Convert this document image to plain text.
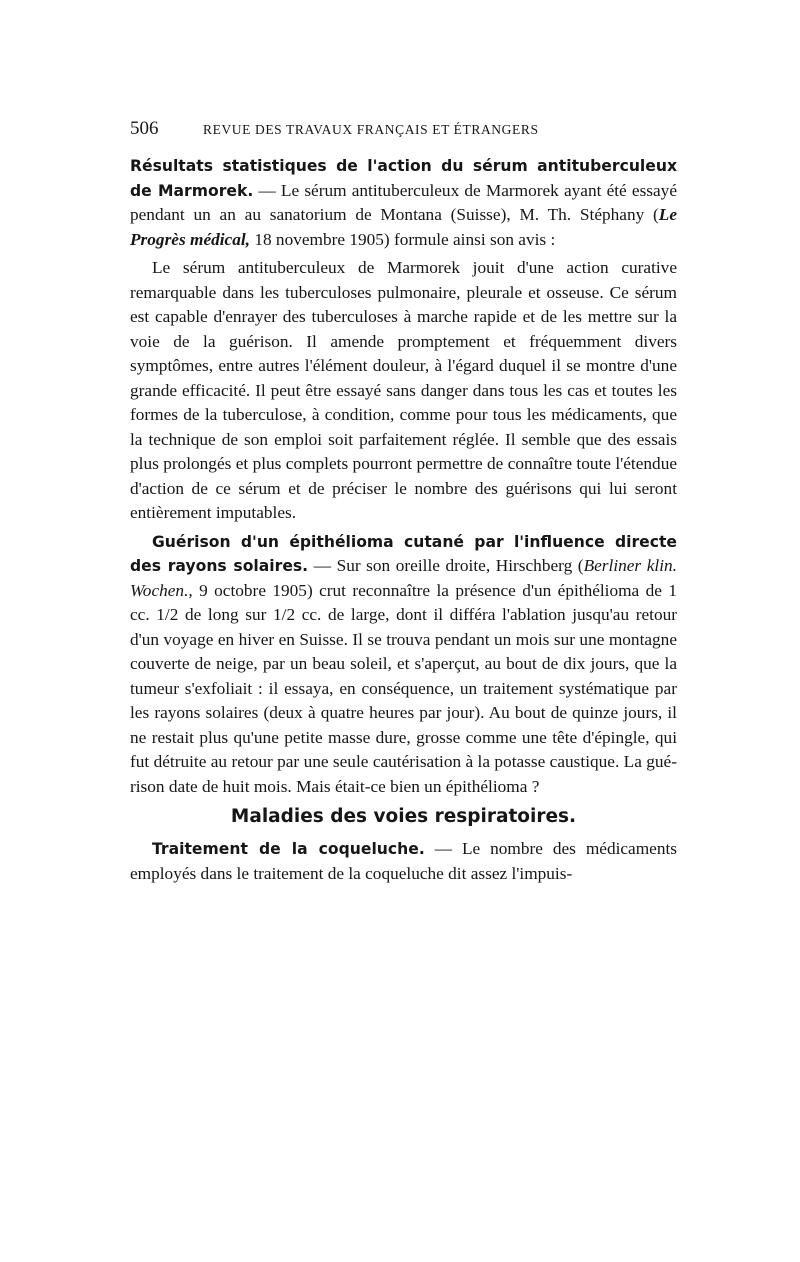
506	REVUE DES TRAVAUX FRANÇAIS ET ÉTRANGERS

Résultats statistiques de l'action du sérum antituberculeux de Marmorek. — Le sérum antituberculeux de Marmorek ayant été essayé pendant un an au sanatorium de Montana (Suisse), M. Th. Stéphany (Le Progrès médical, 18 novembre 1905) formule ainsi son avis :

Le sérum antituberculeux de Marmorek jouit d'une action curative remarquable dans les tuberculoses pulmonaire, pleurale et osseuse. Ce sérum est capable d'enrayer des tuberculoses à marche rapide et de les mettre sur la voie de la guérison. Il amende promptement et fréquemment divers symptômes, entre autres l'élément douleur, à l'égard duquel il se montre d'une grande efficacité. Il peut être essayé sans danger dans tous les cas et toutes les formes de la tuberculose, à condition, comme pour tous les médicaments, que la technique de son emploi soit parfaitement réglée. Il semble que des essais plus prolongés et plus complets pourront permettre de connaître toute l'étendue d'action de ce sérum et de préciser le nombre des guérisons qui lui seront entièrement imputables.

Guérison d'un épithélioma cutané par l'influence directe des rayons solaires. — Sur son oreille droite, Hirschberg (Berliner klin. Wochen., 9 octobre 1905) crut reconnaître la présence d'un épithélioma de 1 cc. 1/2 de long sur 1/2 cc. de large, dont il différa l'ablation jusqu'au retour d'un voyage en hiver en Suisse. Il se trouva pendant un mois sur une montagne couverte de neige, par un beau soleil, et s'aperçut, au bout de dix jours, que la tumeur s'exfoliait : il essaya, en conséquence, un traitement systématique par les rayons solaires (deux à quatre heures par jour). Au bout de quinze jours, il ne restait plus qu'une petite masse dure, grosse comme une tête d'épingle, qui fut détruite au retour par une seule cautérisation à la potasse caustique. La guérison date de huit mois. Mais était-ce bien un épithélioma ?

Maladies des voies respiratoires.

Traitement de la coqueluche. — Le nombre des médicaments employés dans le traitement de la coqueluche dit assez l'impuis-
